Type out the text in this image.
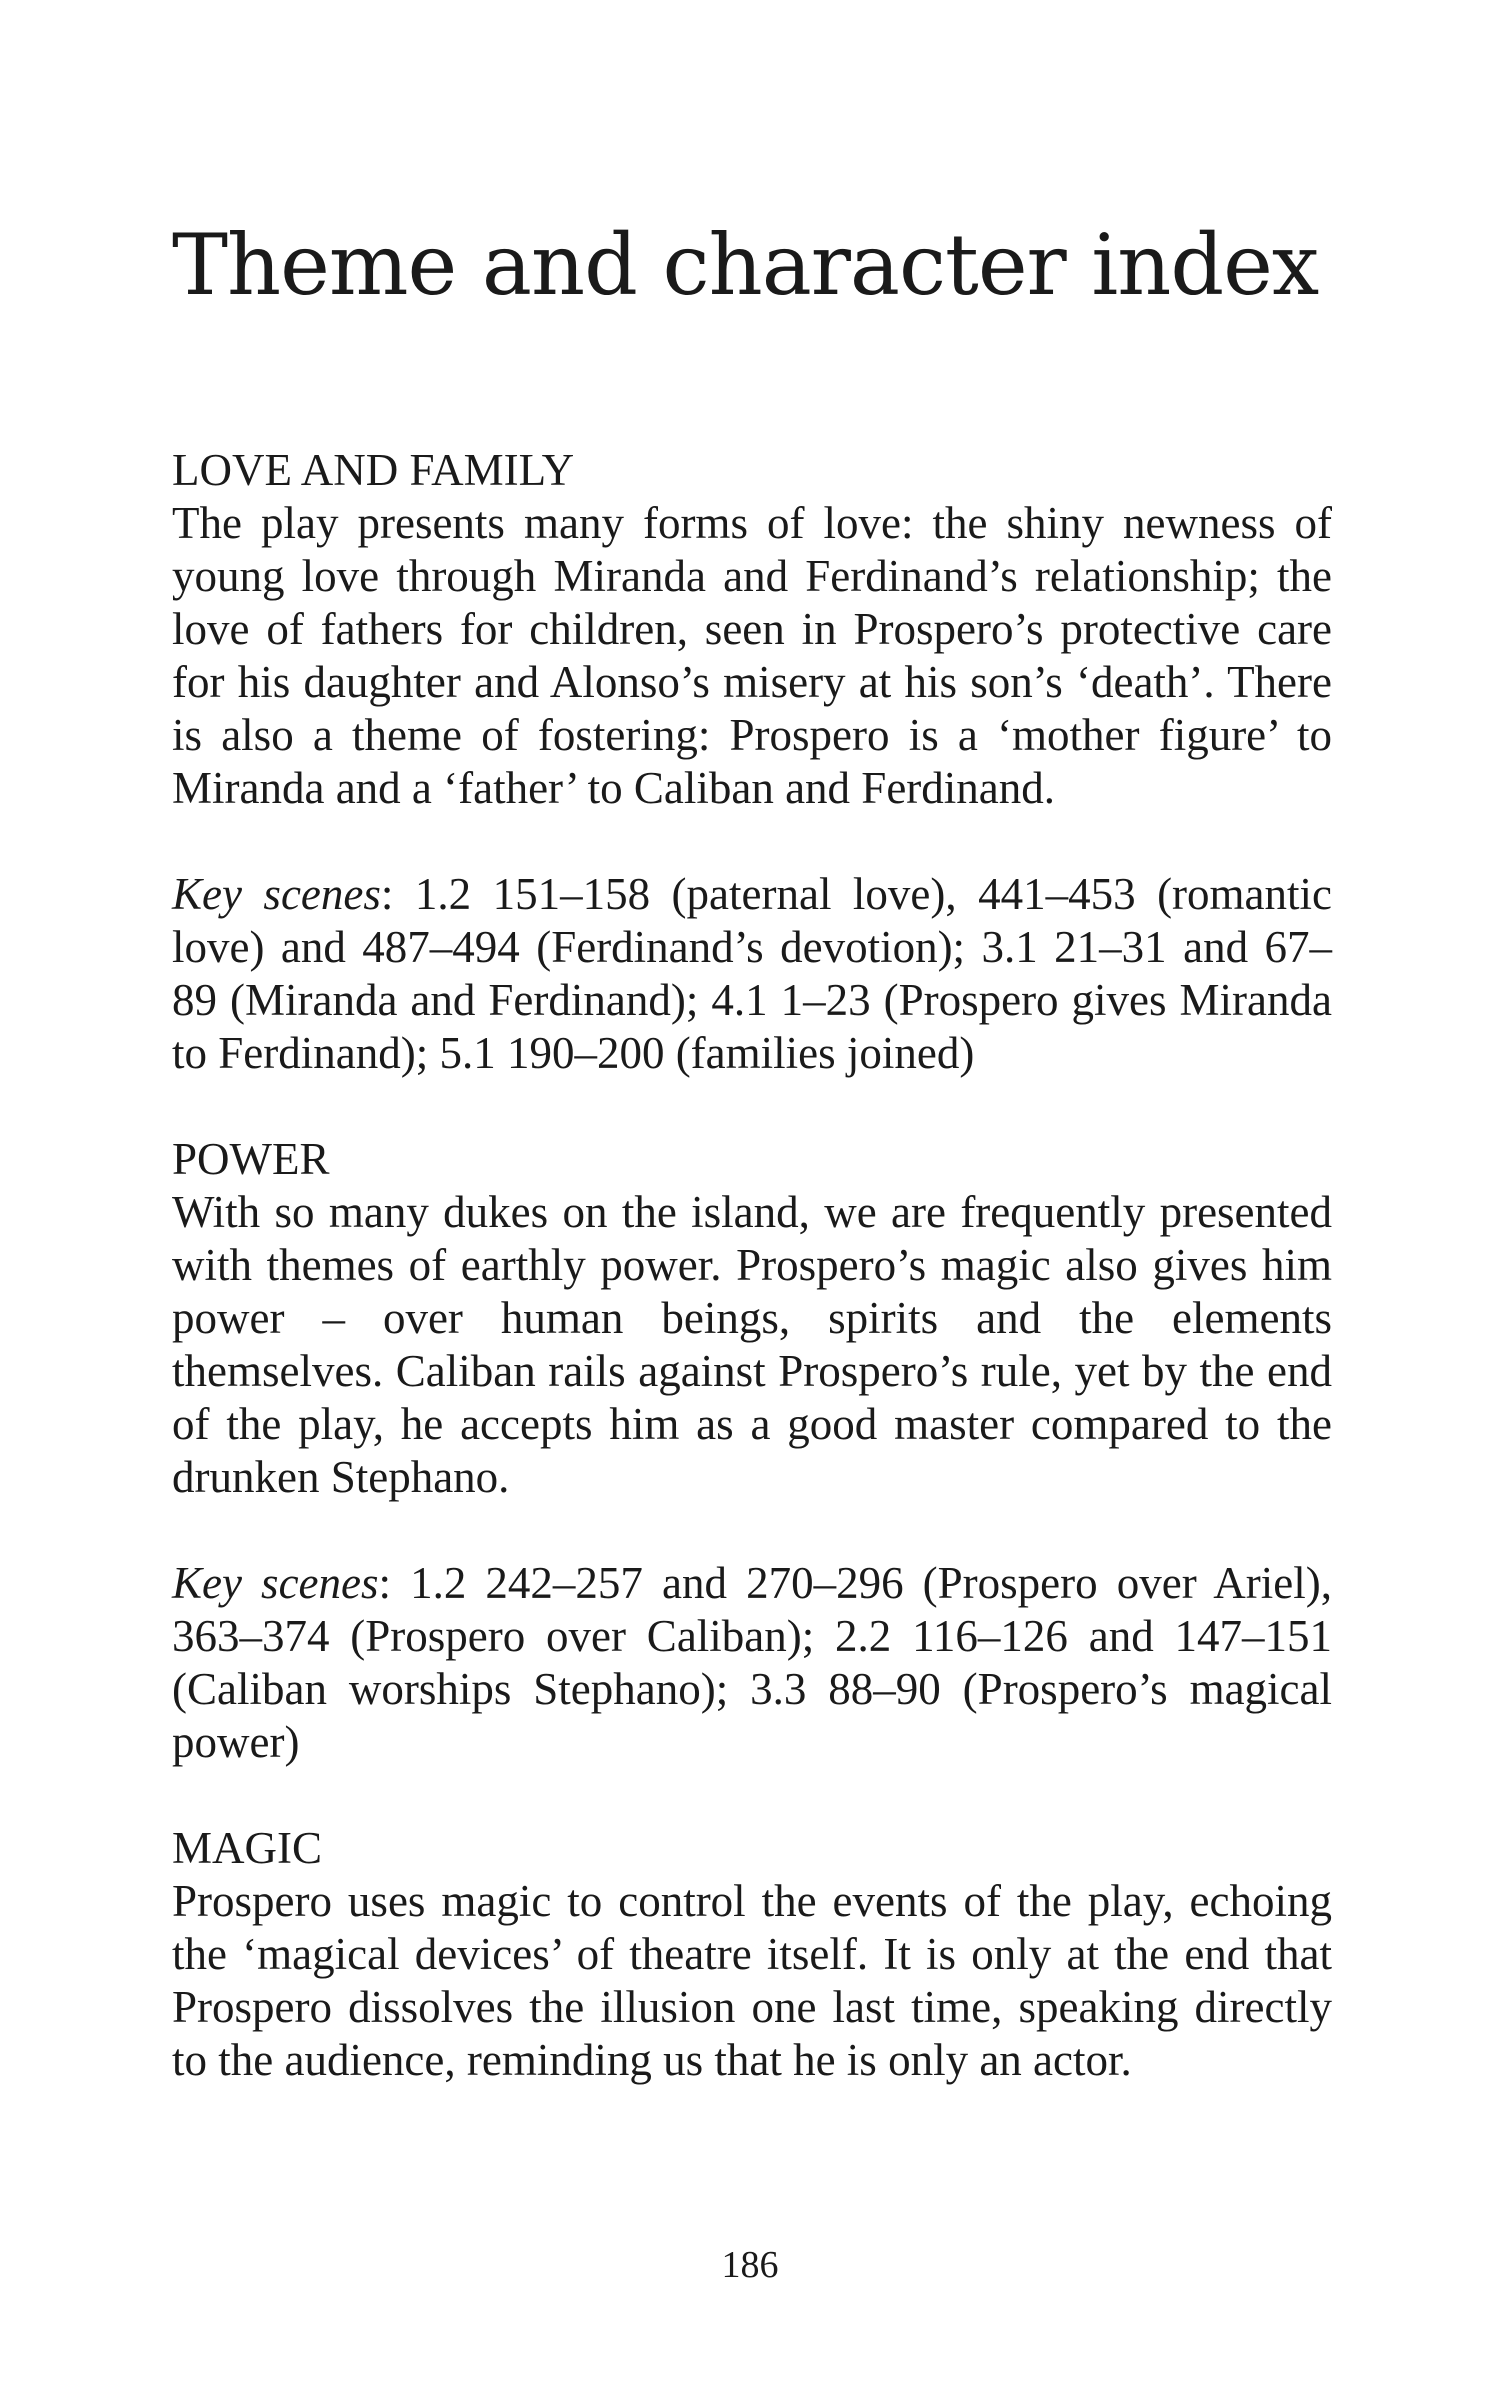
Theme and character index

LOVE AND FAMILY

The play presents many forms of love: the shiny newness of young love through Miranda and Ferdinand’s relationship; the love of fathers for children, seen in Prospero’s protective care for his daughter and Alonso’s misery at his son’s ‘death’. There is also a theme of fostering: Prospero is a ‘mother figure’ to Miranda and a ‘father’ to Caliban and Ferdinand.

Key scenes: 1.2 151–158 (paternal love), 441–453 (romantic love) and 487–494 (Ferdinand’s devotion); 3.1 21–31 and 67–89 (Miranda and Ferdinand); 4.1 1–23 (Prospero gives Miranda to Ferdinand); 5.1 190–200 (families joined)

POWER

With so many dukes on the island, we are frequently presented with themes of earthly power. Prospero’s magic also gives him power – over human beings, spirits and the elements themselves. Caliban rails against Prospero’s rule, yet by the end of the play, he accepts him as a good master compared to the drunken Stephano.

Key scenes: 1.2 242–257 and 270–296 (Prospero over Ariel), 363–374 (Prospero over Caliban); 2.2 116–126 and 147–151 (Caliban worships Stephano); 3.3 88–90 (Prospero’s magical power)

MAGIC

Prospero uses magic to control the events of the play, echoing the ‘magical devices’ of theatre itself. It is only at the end that Prospero dissolves the illusion one last time, speaking directly to the audience, reminding us that he is only an actor.

186
